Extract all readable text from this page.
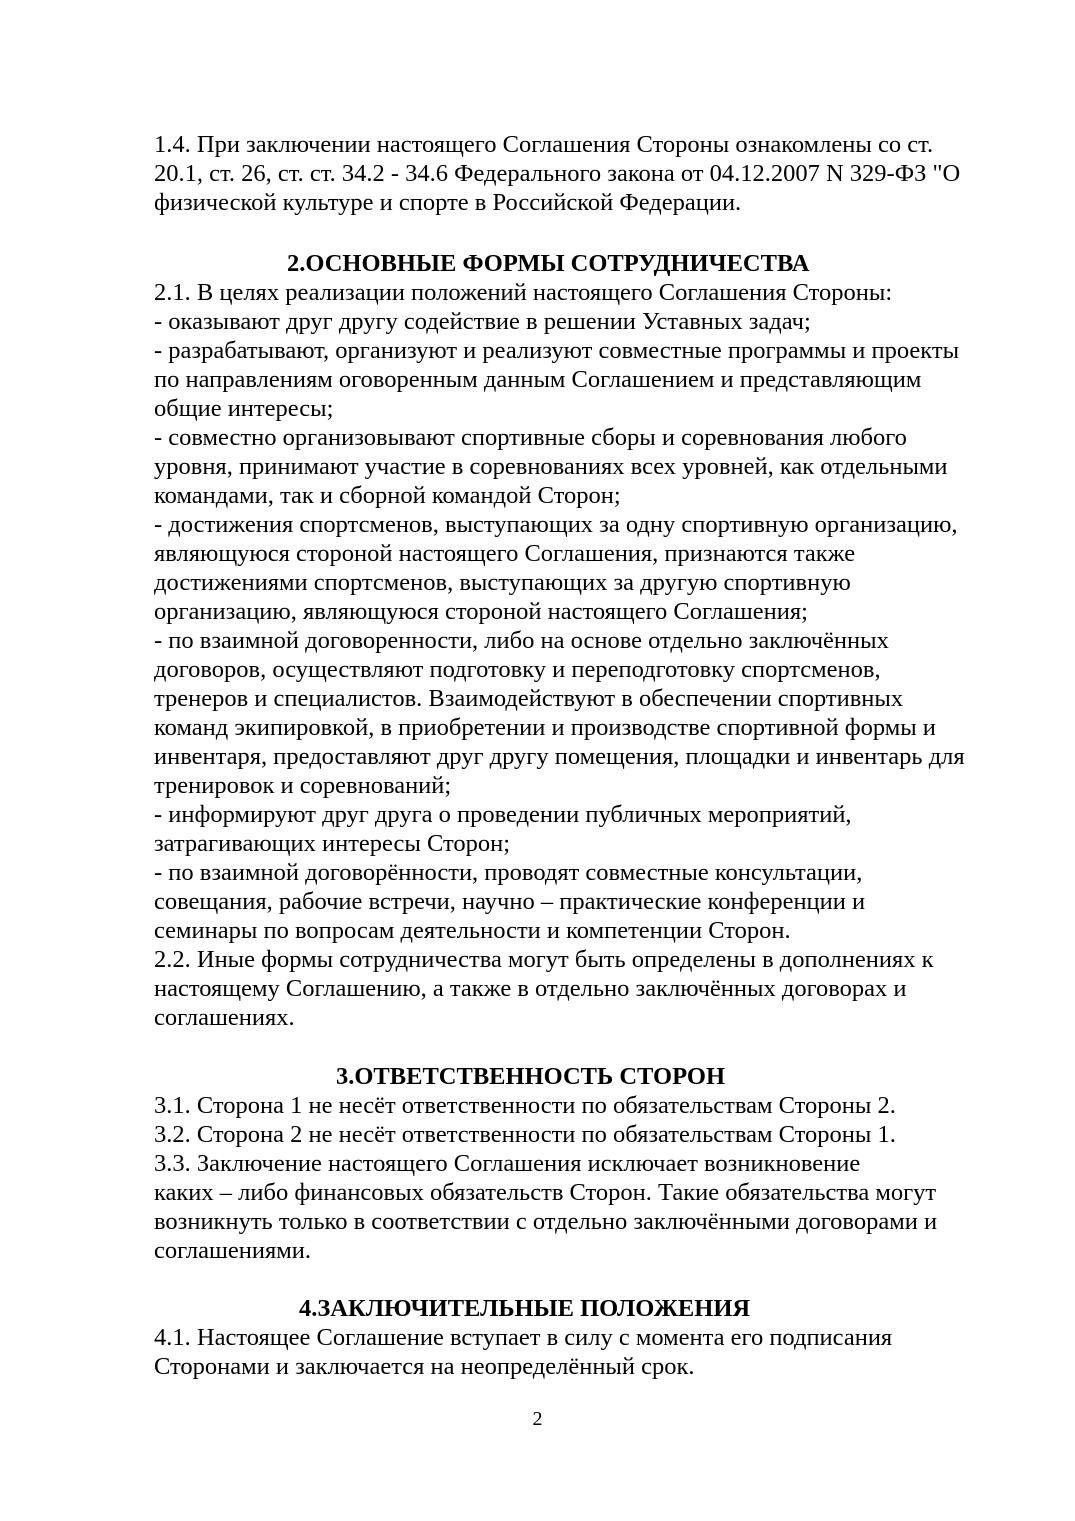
1.4. При заключении настоящего Соглашения Стороны ознакомлены со ст.
20.1, ст. 26, ст. ст. 34.2 - 34.6 Федерального закона от 04.12.2007 N 329-ФЗ "О
физической культуре и спорте в Российской Федерации.
2.ОСНОВНЫЕ ФОРМЫ СОТРУДНИЧЕСТВА
2.1. В целях реализации положений настоящего Соглашения Стороны:
- оказывают друг другу содействие в решении Уставных задач;
- разрабатывают, организуют и реализуют совместные программы и проекты
по направлениям оговоренным данным Соглашением и представляющим
общие интересы;
- совместно организовывают спортивные сборы и соревнования любого
уровня, принимают участие в соревнованиях всех уровней, как отдельными
командами, так и сборной командой Сторон;
- достижения спортсменов, выступающих за одну спортивную организацию,
являющуюся стороной настоящего Соглашения, признаются также
достижениями спортсменов, выступающих за другую спортивную
организацию, являющуюся стороной настоящего Соглашения;
- по взаимной договоренности, либо на основе отдельно заключённых
договоров, осуществляют подготовку и переподготовку спортсменов,
тренеров и специалистов. Взаимодействуют в обеспечении спортивных
команд экипировкой, в приобретении и производстве спортивной формы и
инвентаря, предоставляют друг другу помещения, площадки и инвентарь для
тренировок и соревнований;
- информируют друг друга о проведении публичных мероприятий,
затрагивающих интересы Сторон;
- по взаимной договорённости, проводят совместные консультации,
совещания, рабочие встречи, научно – практические конференции и
семинары по вопросам деятельности и компетенции Сторон.
2.2. Иные формы сотрудничества могут быть определены в дополнениях к
настоящему Соглашению, а также в отдельно заключённых договорах и
соглашениях.
3.ОТВЕТСТВЕННОСТЬ СТОРОН
3.1. Сторона 1 не несёт ответственности по обязательствам Стороны 2.
3.2. Сторона 2 не несёт ответственности по обязательствам Стороны 1.
3.3. Заключение настоящего Соглашения исключает возникновение
каких – либо финансовых обязательств Сторон. Такие обязательства могут
возникнуть только в соответствии с отдельно заключёнными договорами и
соглашениями.
4.ЗАКЛЮЧИТЕЛЬНЫЕ ПОЛОЖЕНИЯ
4.1. Настоящее Соглашение вступает в силу с момента его подписания
Сторонами и заключается на неопределённый срок.
2
